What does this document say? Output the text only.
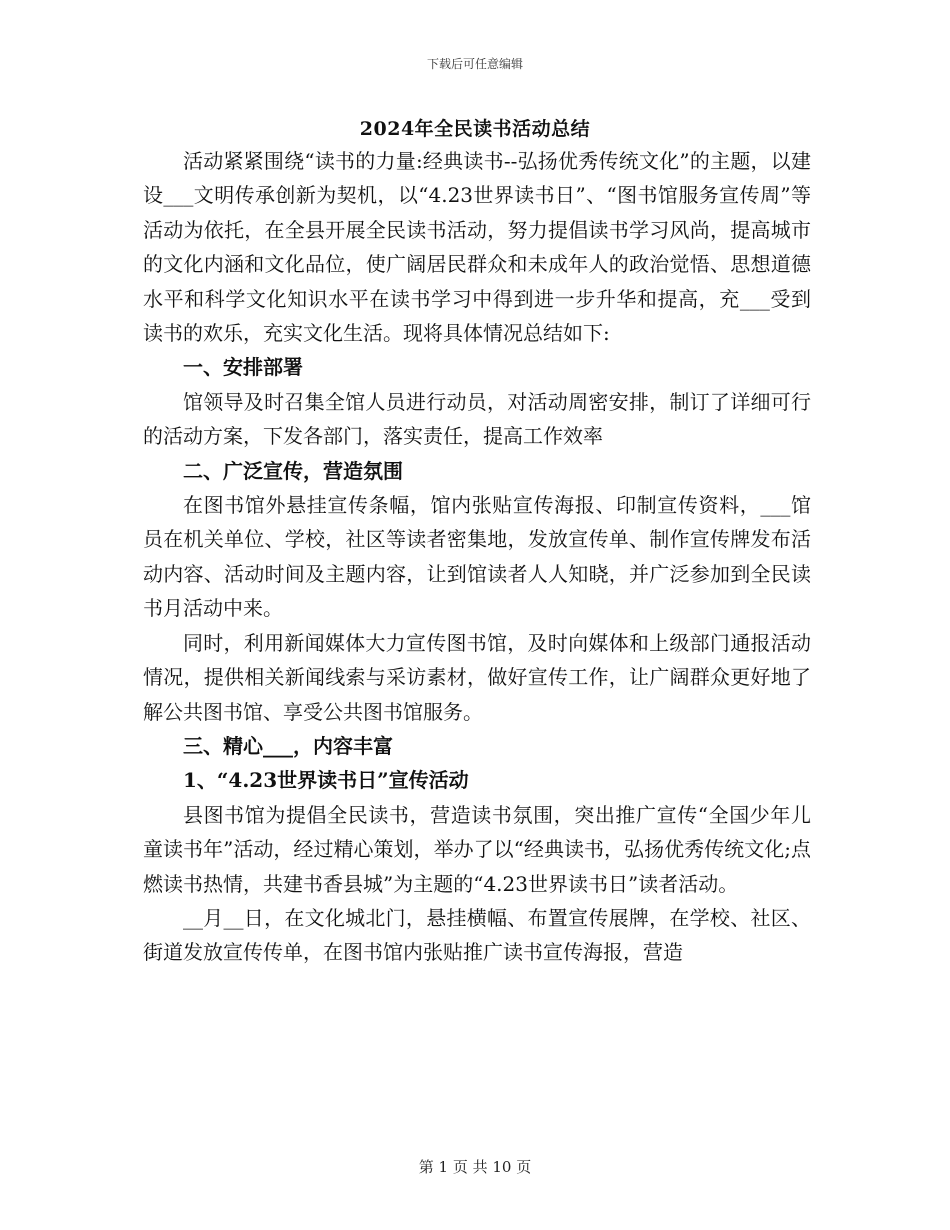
下载后可任意编辑
2024年全民读书活动总结

活动紧紧围绕“读书的力量:经典读书--弘扬优秀传统文化”的主题，以建设___文明传承创新为契机，以“4.23世界读书日”、“图书馆服务宣传周”等活动为依托，在全县开展全民读书活动，努力提倡读书学习风尚，提高城市的文化内涵和文化品位，使广阔居民群众和未成年人的政治觉悟、思想道德水平和科学文化知识水平在读书学习中得到进一步升华和提高，充___受到读书的欢乐，充实文化生活。现将具体情况总结如下:

一、安排部署

馆领导及时召集全馆人员进行动员，对活动周密安排，制订了详细可行的活动方案，下发各部门，落实责任，提高工作效率

二、广泛宣传，营造氛围

在图书馆外悬挂宣传条幅，馆内张贴宣传海报、印制宣传资料，___馆员在机关单位、学校，社区等读者密集地，发放宣传单、制作宣传牌发布活动内容、活动时间及主题内容，让到馆读者人人知晓，并广泛参加到全民读书月活动中来。

同时，利用新闻媒体大力宣传图书馆，及时向媒体和上级部门通报活动情况，提供相关新闻线索与采访素材，做好宣传工作，让广阔群众更好地了解公共图书馆、享受公共图书馆服务。

三、精心___，内容丰富

1、“4.23世界读书日”宣传活动

县图书馆为提倡全民读书，营造读书氛围，突出推广宣传“全国少年儿童读书年”活动，经过精心策划，举办了以“经典读书，弘扬优秀传统文化;点燃读书热情，共建书香县城”为主题的“4.23世界读书日”读者活动。

__月__日，在文化城北门，悬挂横幅、布置宣传展牌，在学校、社区、街道发放宣传传单，在图书馆内张贴推广读书宣传海报，营造

第 1 页 共 10 页
